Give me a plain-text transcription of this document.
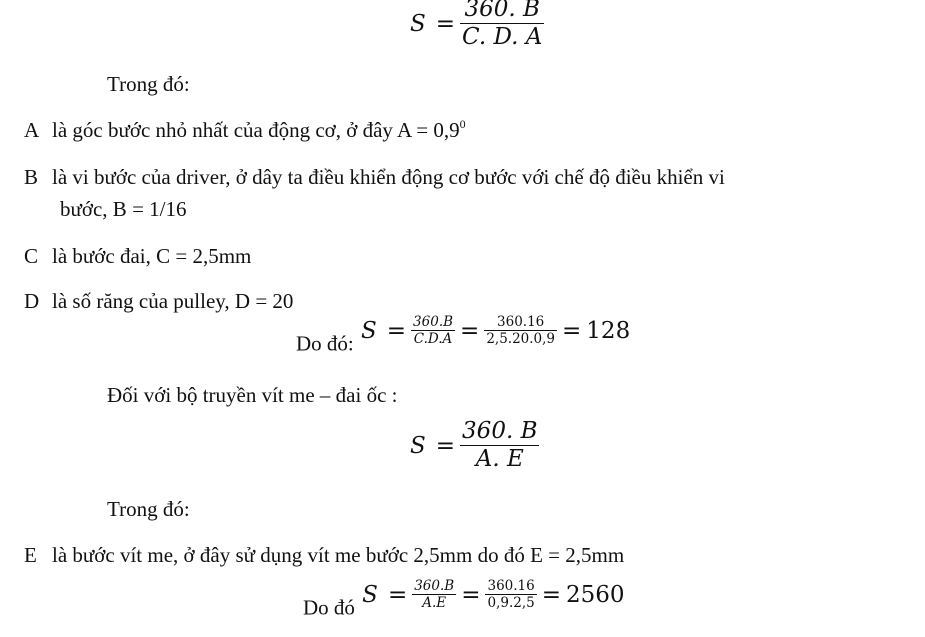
$S = \frac{360. B}{C. D. A}$
Trong đó:
A là góc bước nhỏ nhất của động cơ, ở đây $A = 0,9^0$
B là vi bước của driver, ở dây ta điều khiển động cơ bước với chế độ điều khiển vi
bước, B = 1/16
C là bước đai, C = 2,5mm
D là số răng của pulley, D = 20
Do đó: $S = \frac{360.B}{C.D.A} = \frac{360.16}{2,5.20.0,9} = 128$
Đối với bộ truyền vít me – đai ốc :
$S = \frac{360. B}{A. E}$
Trong đó:
E là bước vít me, ở đây sử dụng vít me bước 2,5mm do đó E = 2,5mm
Do đó $S = \frac{360.B}{A.E} = \frac{360.16}{0,9.2,5} = 2560$
